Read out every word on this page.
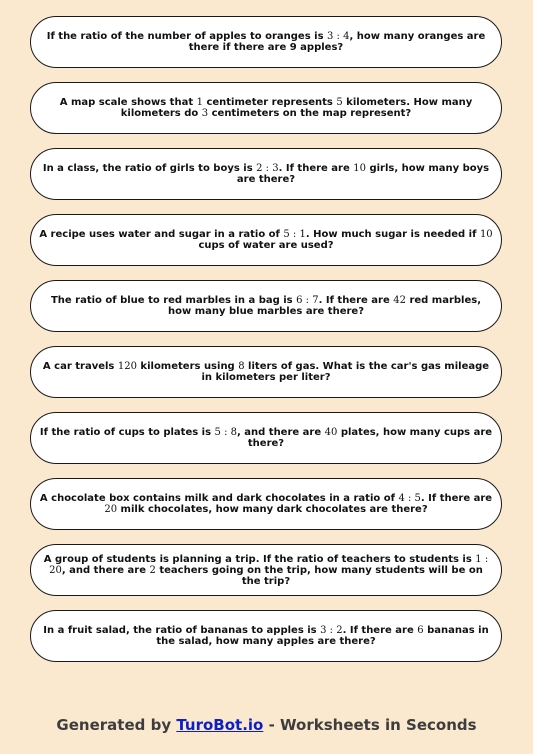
If the ratio of the number of apples to oranges is 3 : 4, how many oranges are there if there are 9 apples?

A map scale shows that 1 centimeter represents 5 kilometers. How many kilometers do 3 centimeters on the map represent?

In a class, the ratio of girls to boys is 2 : 3. If there are 10 girls, how many boys are there?

A recipe uses water and sugar in a ratio of 5 : 1. How much sugar is needed if 10 cups of water are used?

The ratio of blue to red marbles in a bag is 6 : 7. If there are 42 red marbles, how many blue marbles are there?

A car travels 120 kilometers using 8 liters of gas. What is the car's gas mileage in kilometers per liter?

If the ratio of cups to plates is 5 : 8, and there are 40 plates, how many cups are there?

A chocolate box contains milk and dark chocolates in a ratio of 4 : 5. If there are 20 milk chocolates, how many dark chocolates are there?

A group of students is planning a trip. If the ratio of teachers to students is 1 : 20, and there are 2 teachers going on the trip, how many students will be on the trip?

In a fruit salad, the ratio of bananas to apples is 3 : 2. If there are 6 bananas in the salad, how many apples are there?

Generated by TuroBot.io - Worksheets in Seconds
